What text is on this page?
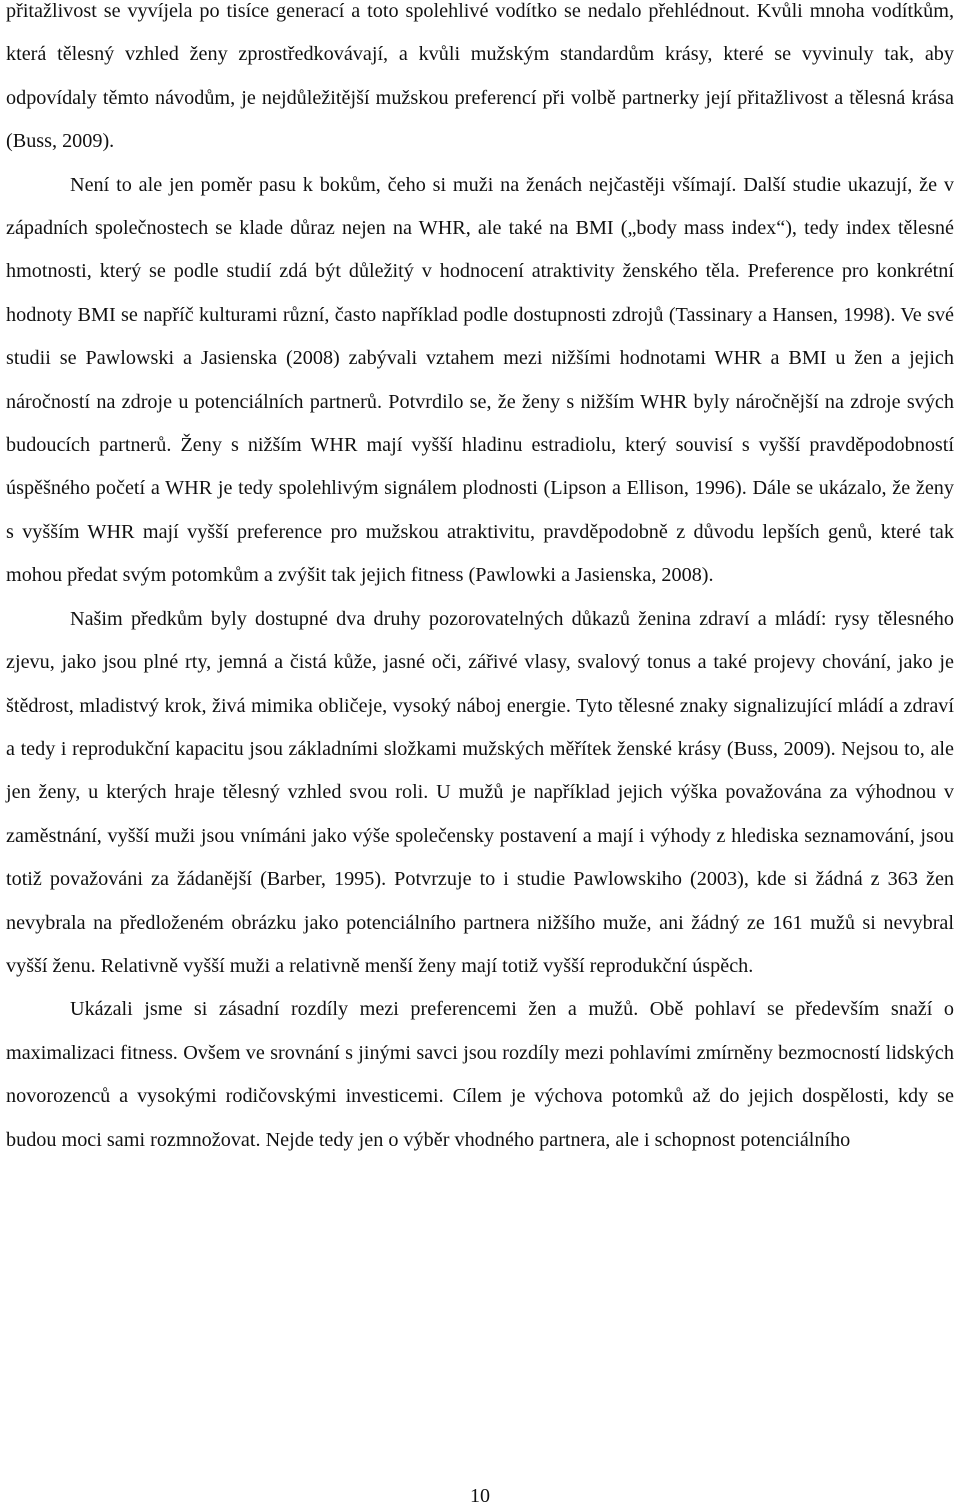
přitažlivost se vyvíjela po tisíce generací a toto spolehlivé vodítko se nedalo přehlédnout. Kvůli mnoha vodítkům, která tělesný vzhled ženy zprostředkovávají, a kvůli mužským standardům krásy, které se vyvinuly tak, aby odpovídaly těmto návodům, je nejdůležitější mužskou preferencí při volbě partnerky její přitažlivost a tělesná krása (Buss, 2009).

Není to ale jen poměr pasu k bokům, čeho si muži na ženách nejčastěji všímají. Další studie ukazují, že v západních společnostech se klade důraz nejen na WHR, ale také na BMI („body mass index“), tedy index tělesné hmotnosti, který se podle studií zdá být důležitý v hodnocení atraktivity ženského těla. Preference pro konkrétní hodnoty BMI se napříč kulturami různí, často například podle dostupnosti zdrojů (Tassinary a Hansen, 1998). Ve své studii se Pawlowski a Jasienska (2008) zabývali vztahem mezi nižšími hodnotami WHR a BMI u žen a jejich náročností na zdroje u potenciálních partnerů. Potvrdilo se, že ženy s nižším WHR byly náročnější na zdroje svých budoucích partnerů. Ženy s nižším WHR mají vyšší hladinu estradiolu, který souvisí s vyšší pravděpodobností úspěšného početí a WHR je tedy spolehlivým signálem plodnosti (Lipson a Ellison, 1996). Dále se ukázalo, že ženy s vyšším WHR mají vyšší preference pro mužskou atraktivitu, pravděpodobně z důvodu lepších genů, které tak mohou předat svým potomkům a zvýšit tak jejich fitness (Pawlowki a Jasienska, 2008).

Našim předkům byly dostupné dva druhy pozorovatelných důkazů ženina zdraví a mládí: rysy tělesného zjevu, jako jsou plné rty, jemná a čistá kůže, jasné oči, zářivé vlasy, svalový tonus a také projevy chování, jako je štědrost, mladistvý krok, živá mimika obličeje, vysoký náboj energie. Tyto tělesné znaky signalizující mládí a zdraví a tedy i reprodukční kapacitu jsou základními složkami mužských měřítek ženské krásy (Buss, 2009). Nejsou to, ale jen ženy, u kterých hraje tělesný vzhled svou roli. U mužů je například jejich výška považována za výhodnou v zaměstnání, vyšší muži jsou vnímáni jako výše společensky postavení a mají i výhody z hlediska seznamování, jsou totiž považováni za žádanější (Barber, 1995). Potvrzuje to i studie Pawlowskiho (2003), kde si žádná z 363 žen nevybrala na předloženém obrázku jako potenciálního partnera nižšího muže, ani žádný ze 161 mužů si nevybral vyšší ženu. Relativně vyšší muži a relativně menší ženy mají totiž vyšší reprodukční úspěch.

Ukázali jsme si zásadní rozdíly mezi preferencemi žen a mužů. Obě pohlaví se především snaží o maximalizaci fitness. Ovšem ve srovnání s jinými savci jsou rozdíly mezi pohlavími zmírněny bezmocností lidských novorozenců a vysokými rodičovskými investicemi. Cílem je výchova potomků až do jejich dospělosti, kdy se budou moci sami rozmnožovat. Nejde tedy jen o výběr vhodného partnera, ale i schopnost potenciálního

10
